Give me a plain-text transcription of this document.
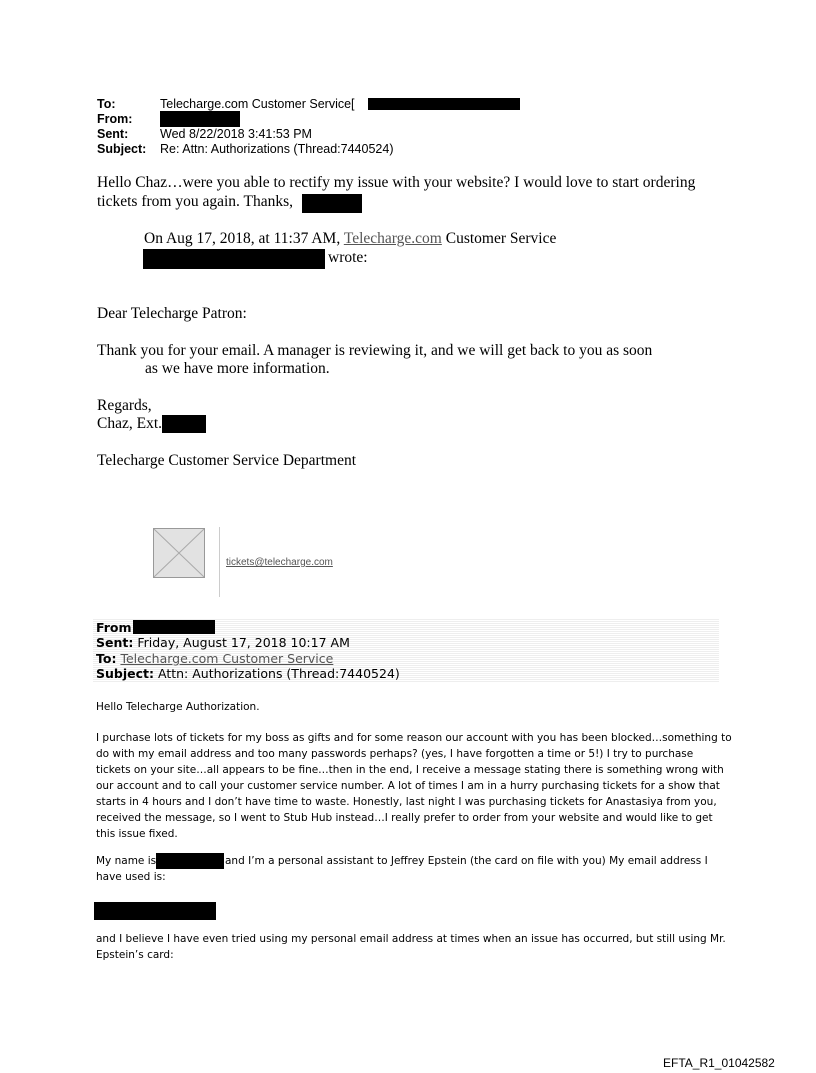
To:	Telecharge.com Customer Service[
From:
Sent:	Wed 8/22/2018 3:41:53 PM
Subject: Re: Attn: Authorizations (Thread:7440524)
Hello Chaz…were you able to rectify my issue with your website? I would love to start ordering
tickets from you again. Thanks,
On Aug 17, 2018, at 11:37 AM, Telecharge.com Customer Service
wrote:
Dear Telecharge Patron:
Thank you for your email. A manager is reviewing it, and we will get back to you as soon
as we have more information.
Regards,
Chaz, Ext.
Telecharge Customer Service Department
tickets@telecharge.com
From
Sent: Friday, August 17, 2018 10:17 AM
To: Telecharge.com Customer Service
Subject: Attn: Authorizations (Thread:7440524)
Hello Telecharge Authorization.
I purchase lots of tickets for my boss as gifts and for some reason our account with you has been blocked…something to
do with my email address and too many passwords perhaps? (yes, I have forgotten a time or 5!) I try to purchase
tickets on your site…all appears to be fine…then in the end, I receive a message stating there is something wrong with
our account and to call your customer service number. A lot of times I am in a hurry purchasing tickets for a show that
starts in 4 hours and I don’t have time to waste. Honestly, last night I was purchasing tickets for Anastasiya from you,
received the message, so I went to Stub Hub instead…I really prefer to order from your website and would like to get
this issue fixed.
My name is	and I’m a personal assistant to Jeffrey Epstein (the card on file with you) My email address I
have used is:
and I believe I have even tried using my personal email address at times when an issue has occurred, but still using Mr.
Epstein’s card:
EFTA_R1_01042582
